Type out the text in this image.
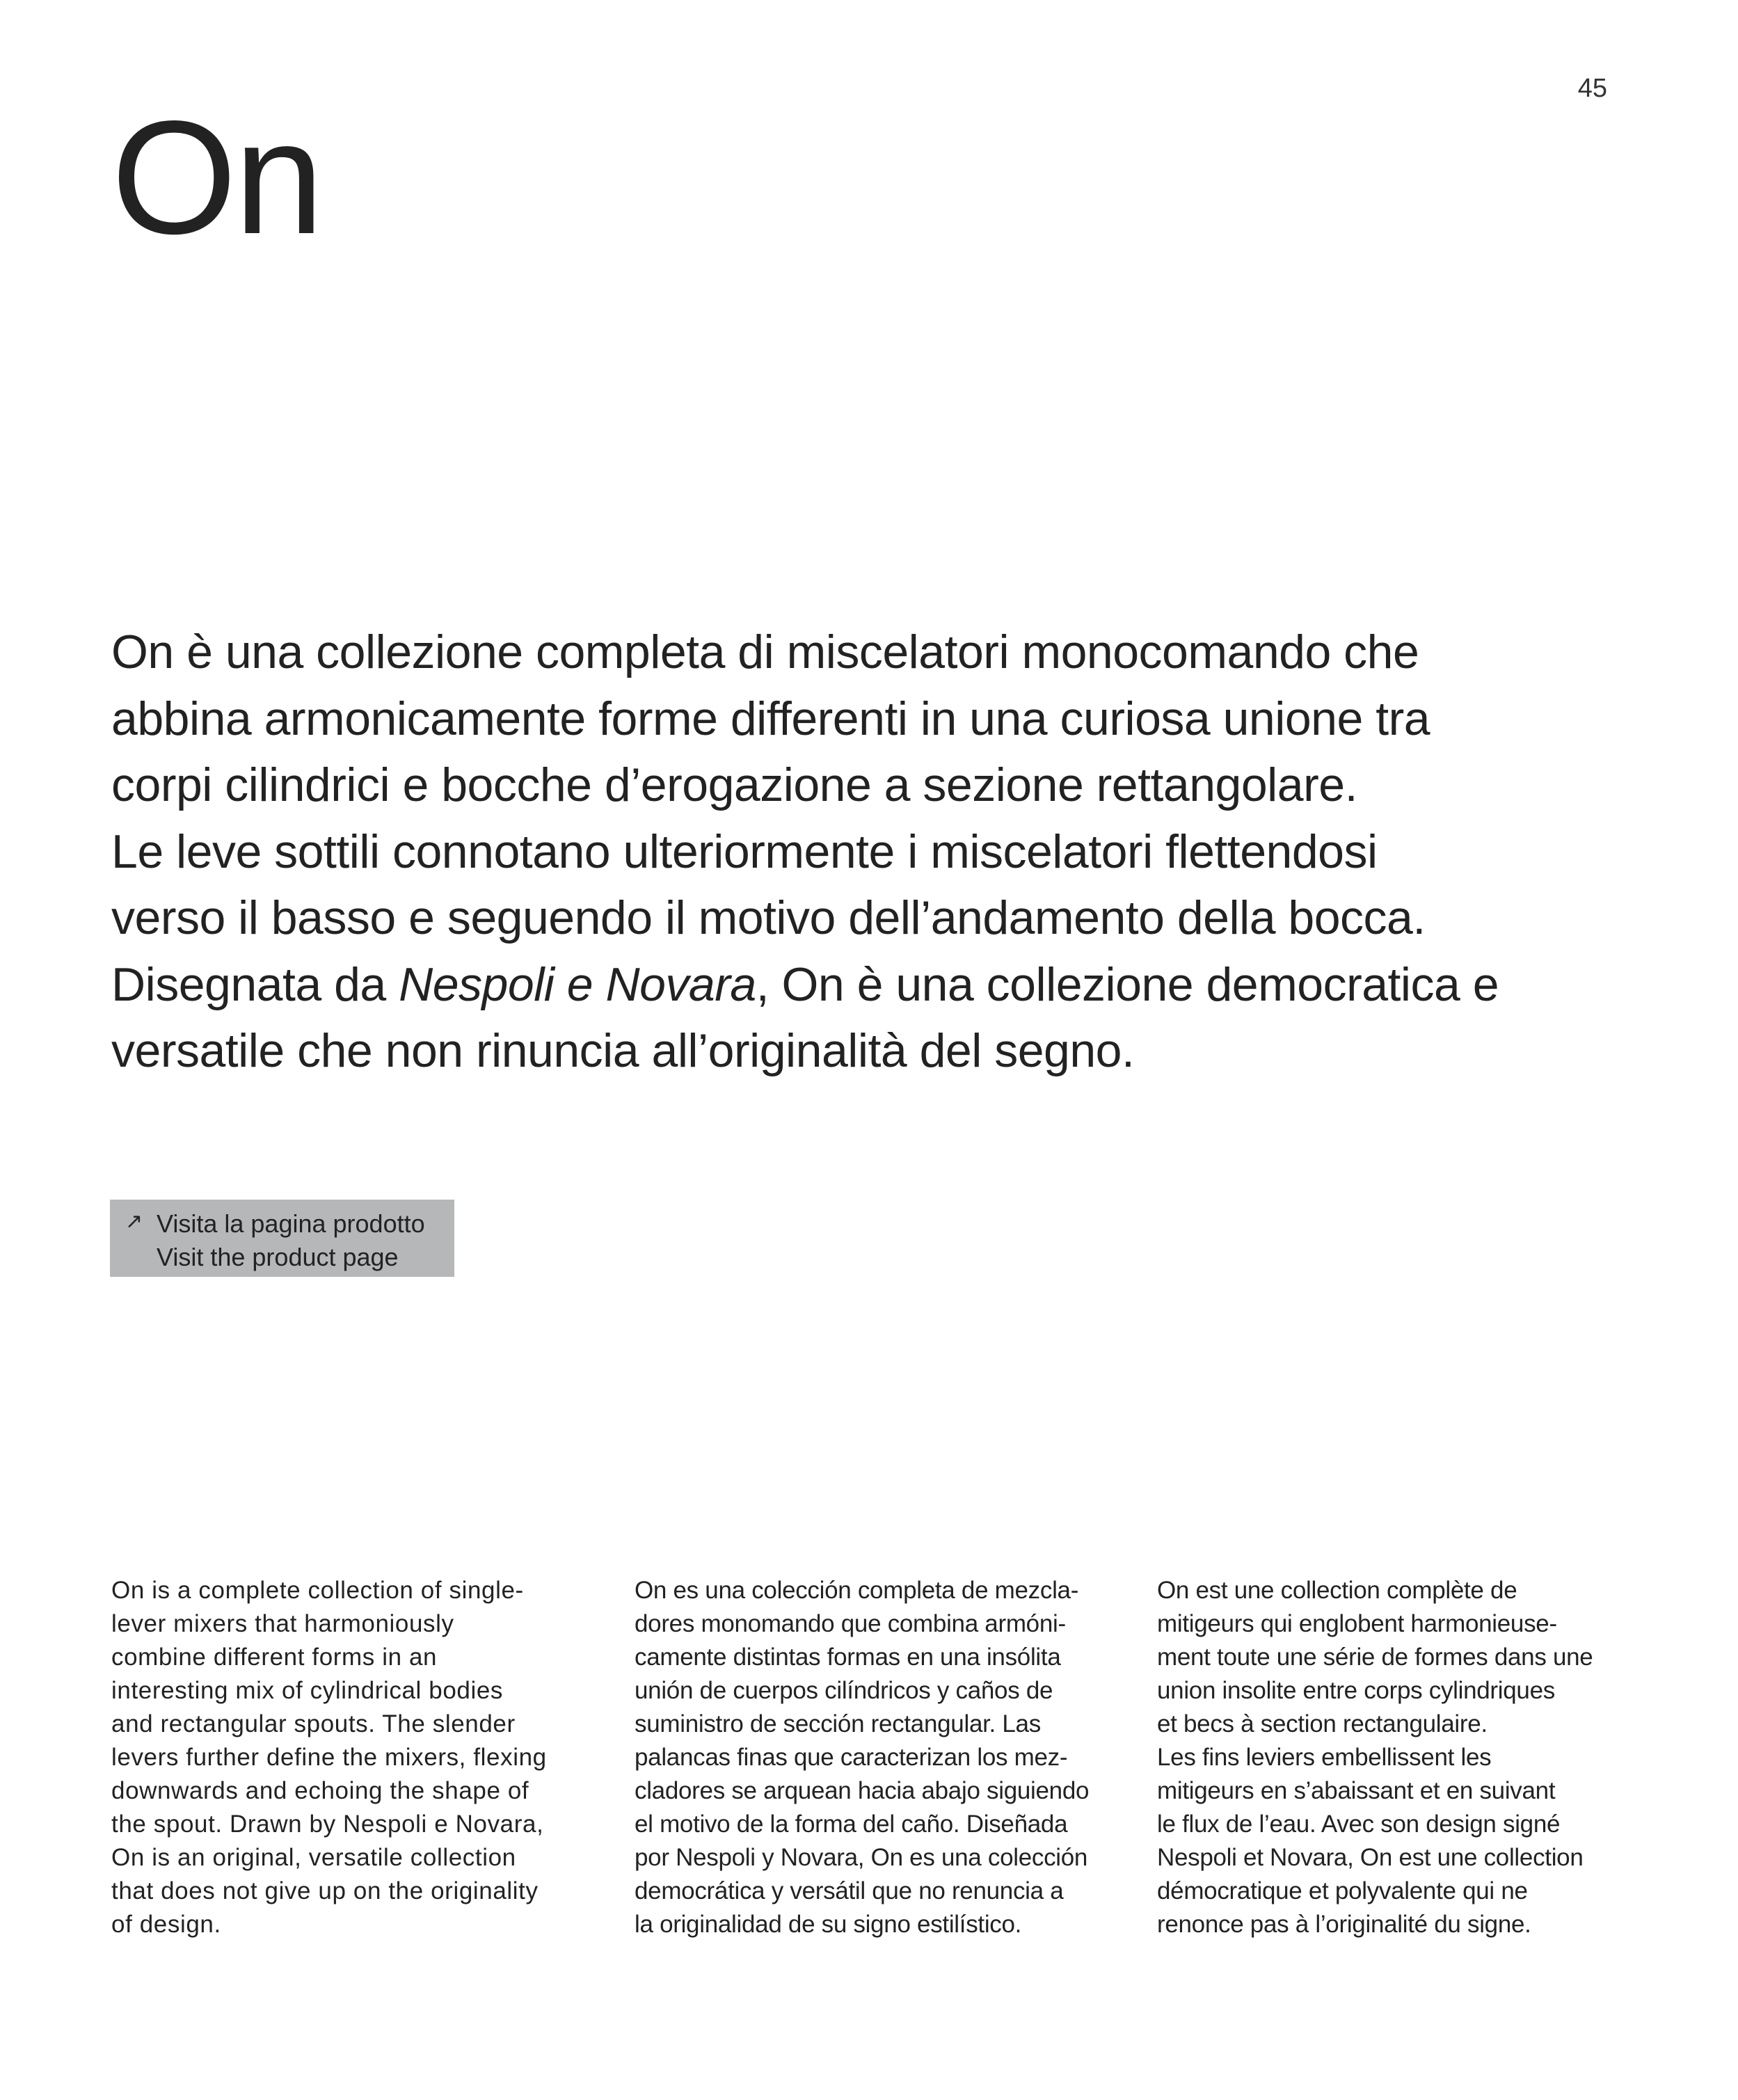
45
On
On è una collezione completa di miscelatori monocomando che
abbina armonicamente forme differenti in una curiosa unione tra
corpi cilindrici e bocche d’erogazione a sezione rettangolare.
Le leve sottili connotano ulteriormente i miscelatori flettendosi
verso il basso e seguendo il motivo dell’andamento della bocca.
Disegnata da Nespoli e Novara, On è una collezione democratica e
versatile che non rinuncia all’originalità del segno.
↗ Visita la pagina prodotto
Visit the product page
On is a complete collection of single-
lever mixers that harmoniously
combine different forms in an
interesting mix of cylindrical bodies
and rectangular spouts. The slender
levers further define the mixers, flexing
downwards and echoing the shape of
the spout. Drawn by Nespoli e Novara,
On is an original, versatile collection
that does not give up on the originality
of design.
On es una colección completa de mezcla-
dores monomando que combina armóni-
camente distintas formas en una insólita
unión de cuerpos cilíndricos y caños de
suministro de sección rectangular. Las
palancas finas que caracterizan los mez-
cladores se arquean hacia abajo siguiendo
el motivo de la forma del caño. Diseñada
por Nespoli y Novara, On es una colección
democrática y versátil que no renuncia a
la originalidad de su signo estilístico.
On est une collection complète de
mitigeurs qui englobent harmonieuse-
ment toute une série de formes dans une
union insolite entre corps cylindriques
et becs à section rectangulaire.
Les fins leviers embellissent les
mitigeurs en s’abaissant et en suivant
le flux de l’eau. Avec son design signé
Nespoli et Novara, On est une collection
démocratique et polyvalente qui ne
renonce pas à l’originalité du signe.
